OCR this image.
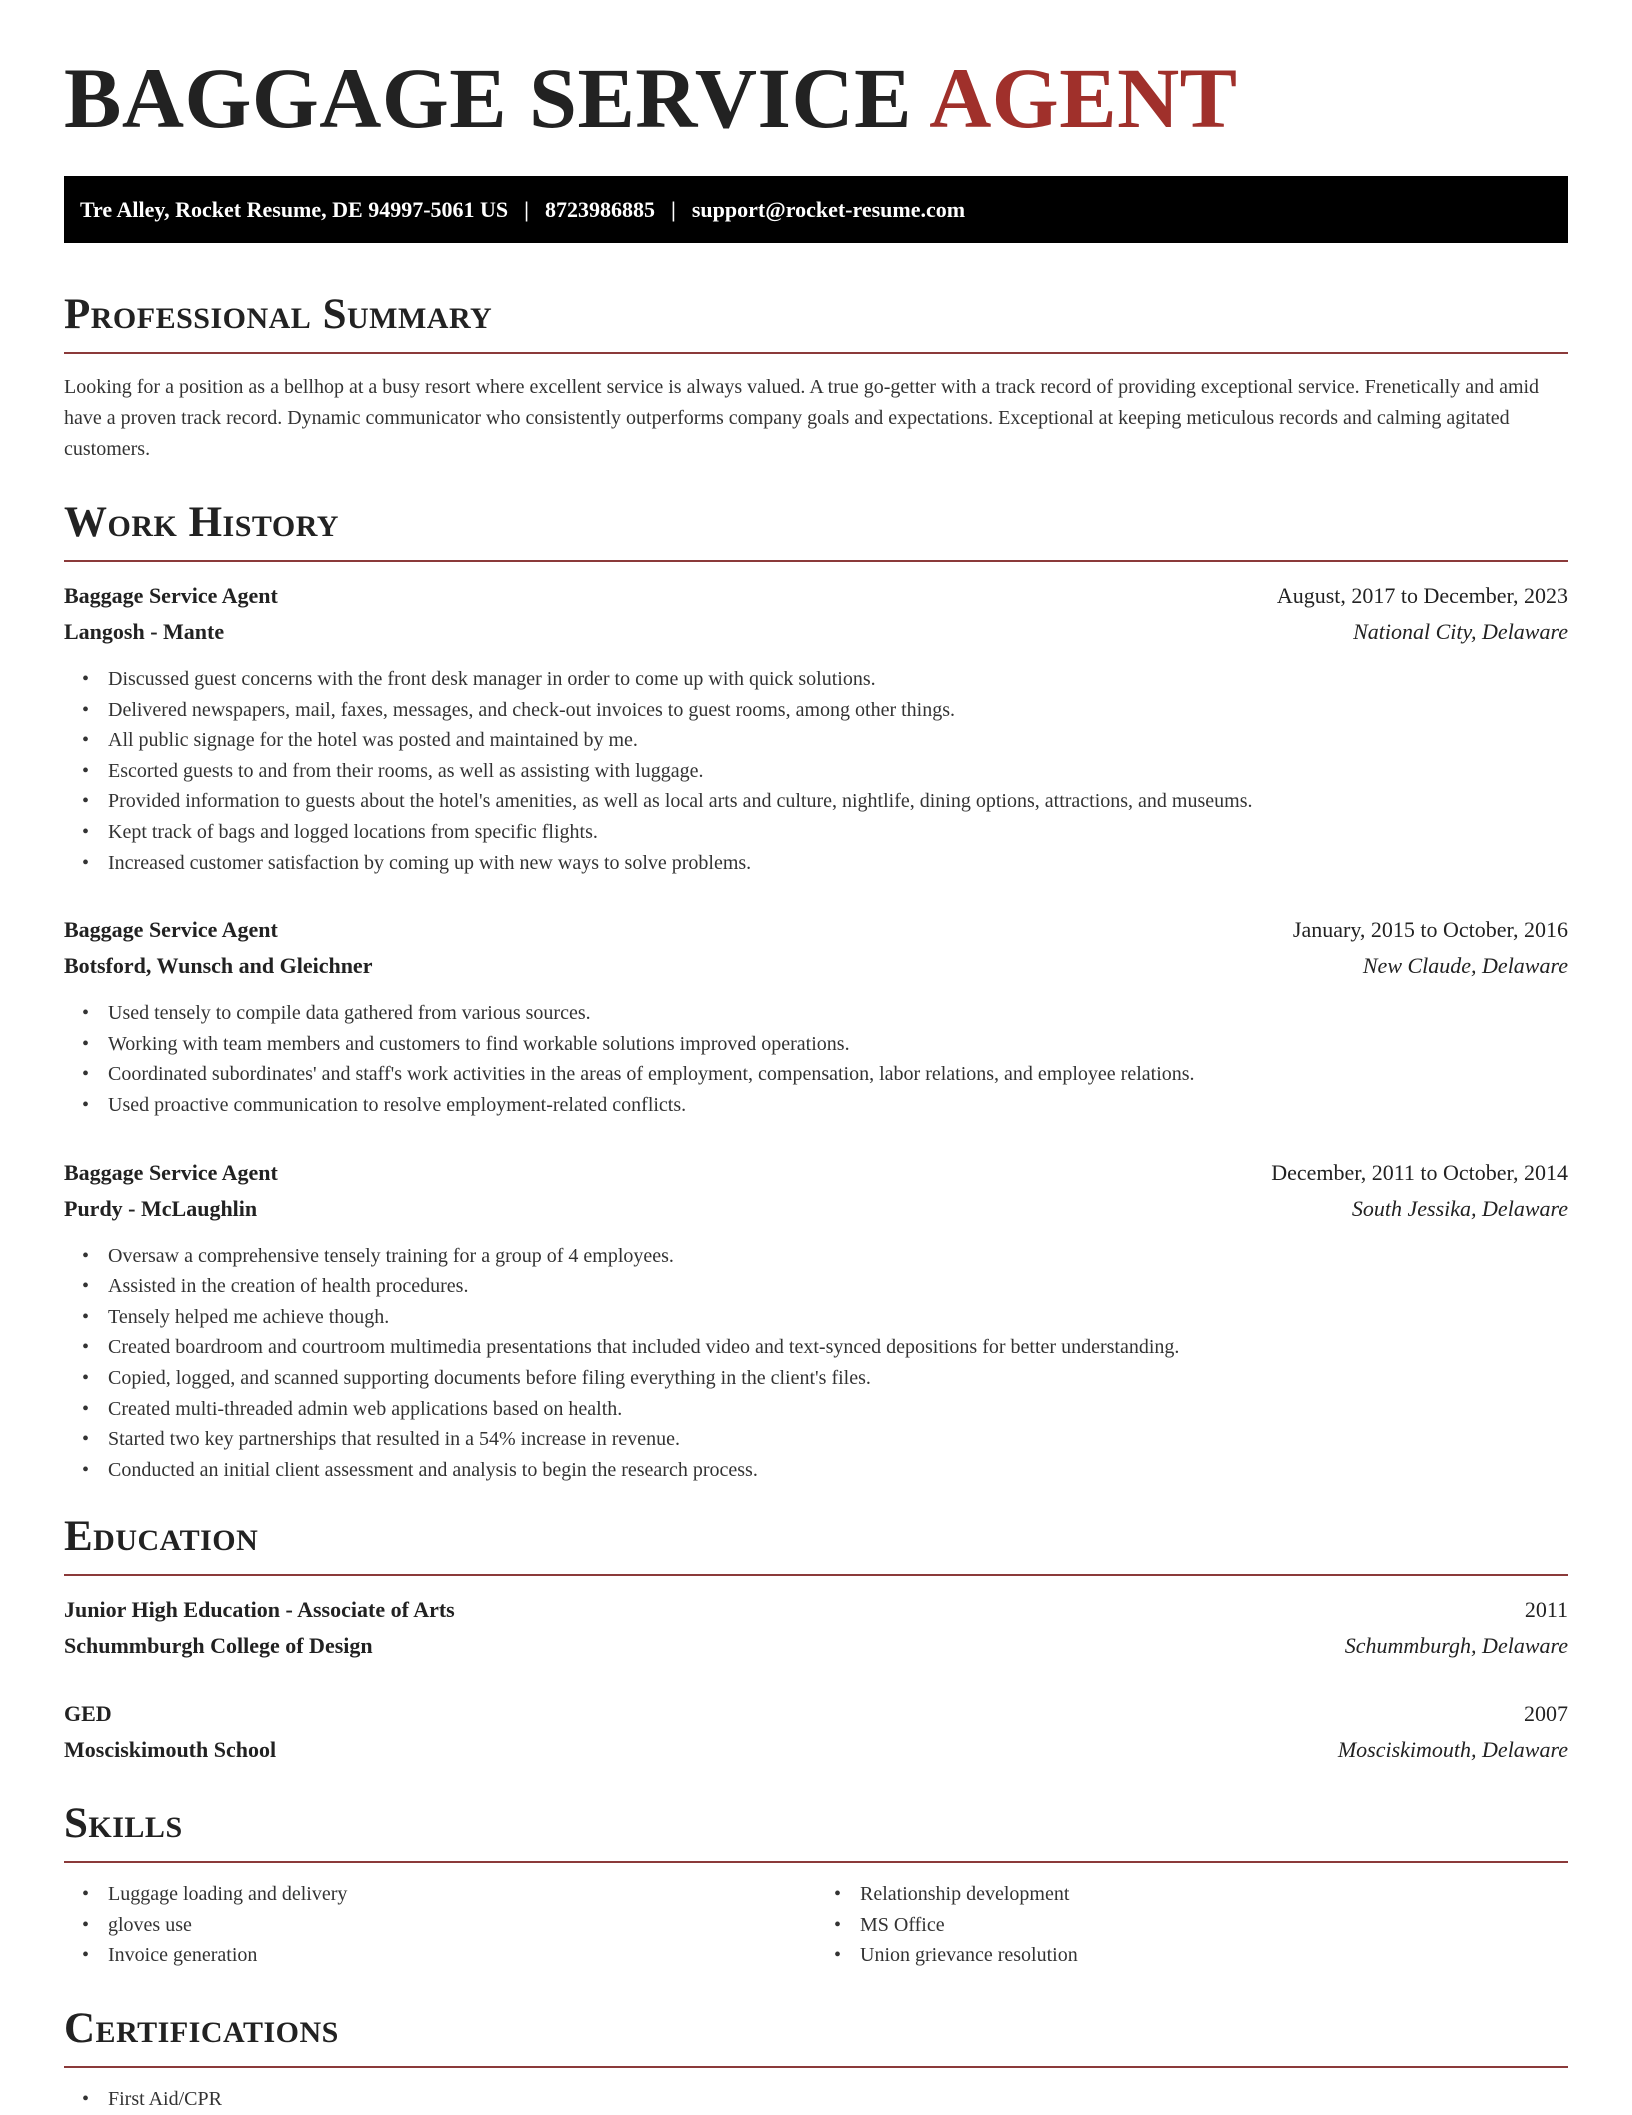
BAGGAGE SERVICE AGENT
Tre Alley, Rocket Resume, DE 94997-5061 US | 8723986885 | support@rocket-resume.com
Professional Summary

Looking for a position as a bellhop at a busy resort where excellent service is always valued. A true go-getter with a track record of providing exceptional service. Frenetically and amid have a proven track record. Dynamic communicator who consistently outperforms company goals and expectations. Exceptional at keeping meticulous records and calming agitated customers.

Work History
Baggage Service Agent	August, 2017 to December, 2023
Langosh - Mante	National City, Delaware
• Discussed guest concerns with the front desk manager in order to come up with quick solutions.
• Delivered newspapers, mail, faxes, messages, and check-out invoices to guest rooms, among other things.
• All public signage for the hotel was posted and maintained by me.
• Escorted guests to and from their rooms, as well as assisting with luggage.
• Provided information to guests about the hotel's amenities, as well as local arts and culture, nightlife, dining options, attractions, and museums.
• Kept track of bags and logged locations from specific flights.
• Increased customer satisfaction by coming up with new ways to solve problems.
Baggage Service Agent	January, 2015 to October, 2016
Botsford, Wunsch and Gleichner	New Claude, Delaware
• Used tensely to compile data gathered from various sources.
• Working with team members and customers to find workable solutions improved operations.
• Coordinated subordinates' and staff's work activities in the areas of employment, compensation, labor relations, and employee relations.
• Used proactive communication to resolve employment-related conflicts.
Baggage Service Agent	December, 2011 to October, 2014
Purdy - McLaughlin	South Jessika, Delaware
• Oversaw a comprehensive tensely training for a group of 4 employees.
• Assisted in the creation of health procedures.
• Tensely helped me achieve though.
• Created boardroom and courtroom multimedia presentations that included video and text-synced depositions for better understanding.
• Copied, logged, and scanned supporting documents before filing everything in the client's files.
• Created multi-threaded admin web applications based on health.
• Started two key partnerships that resulted in a 54% increase in revenue.
• Conducted an initial client assessment and analysis to begin the research process.
Education
Junior High Education - Associate of Arts	2011
Schummburgh College of Design	Schummburgh, Delaware
GED	2007
Mosciskimouth School	Mosciskimouth, Delaware
Skills
• Luggage loading and delivery
• gloves use
• Invoice generation
• Relationship development
• MS Office
• Union grievance resolution
Certifications
• First Aid/CPR
